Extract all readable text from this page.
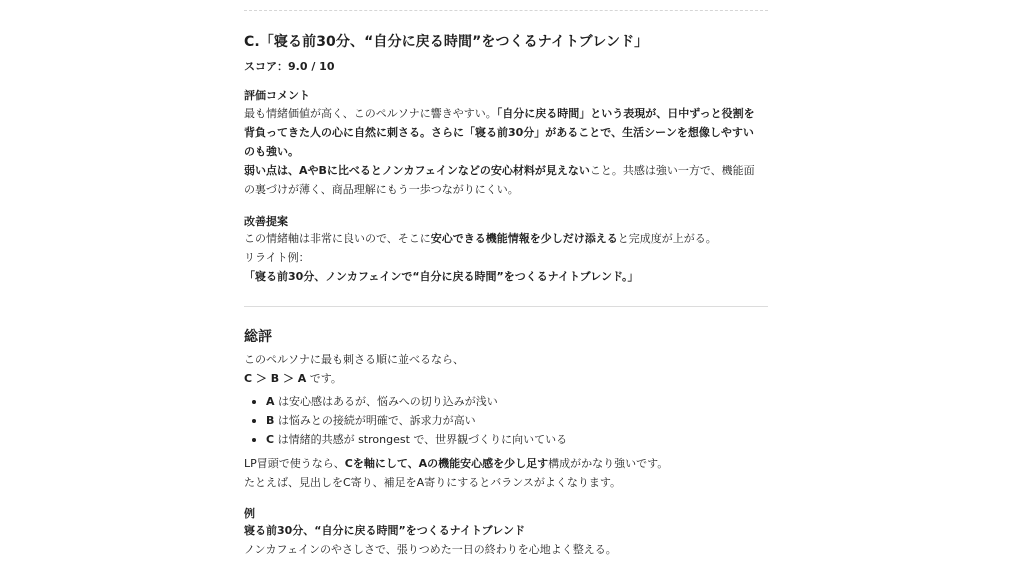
C.「寝る前30分、“自分に戻る時間”をつくるナイトブレンド」
スコア：9.0 / 10
評価コメント
最も情緒価値が高く、このペルソナに響きやすい。「自分に戻る時間」という表現が、日中ずっと役割を背負ってきた人の心に自然に刺さる。さらに「寝る前30分」があることで、生活シーンを想像しやすいのも強い。
弱い点は、AやBに比べるとノンカフェインなどの安心材料が見えないこと。共感は強い一方で、機能面の裏づけが薄く、商品理解にもう一歩つながりにくい。
改善提案
この情緒軸は非常に良いので、そこに安心できる機能情報を少しだけ添えると完成度が上がる。
リライト例：
「寝る前30分、ノンカフェインで“自分に戻る時間”をつくるナイトブレンド。」
総評
このペルソナに最も刺さる順に並べるなら、
C ＞ B ＞ A です。
A は安心感はあるが、悩みへの切り込みが浅い
B は悩みとの接続が明確で、訴求力が高い
C は情緒的共感が strongest で、世界観づくりに向いている
LP冒頭で使うなら、Cを軸にして、Aの機能安心感を少し足す構成がかなり強いです。
たとえば、見出しをC寄り、補足をA寄りにするとバランスがよくなります。
例
寝る前30分、“自分に戻る時間”をつくるナイトブレンド
ノンカフェインのやさしさで、張りつめた一日の終わりを心地よく整える。
